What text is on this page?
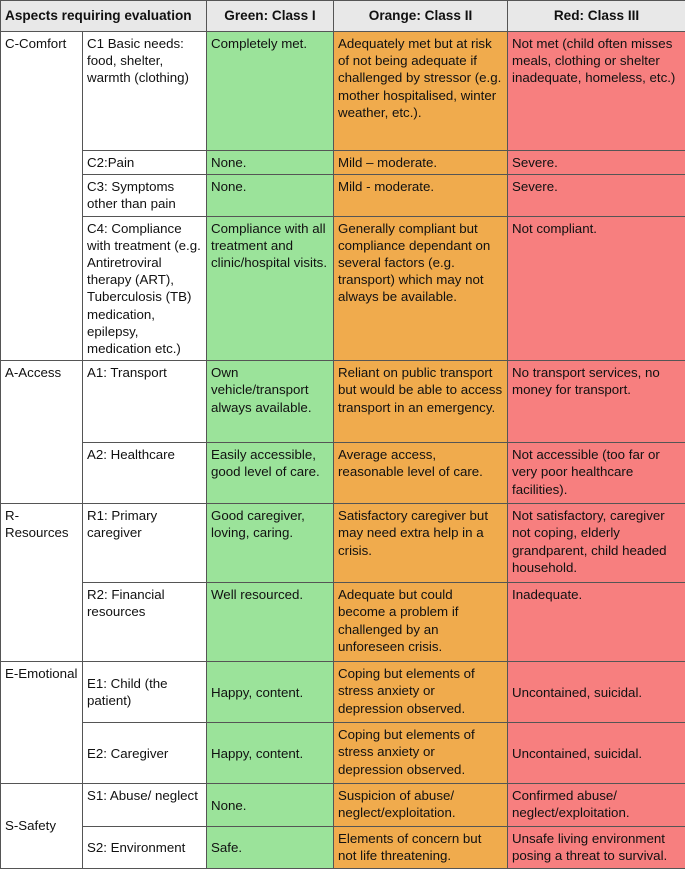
Aspects requiring evaluation		Green: Class I	Orange: Class II	Red: Class III
C-Comfort	C1 Basic needs: food, shelter, warmth (clothing)	Completely met.	Adequately met but at risk of not being adequate if challenged by stressor (e.g. mother hospitalised, winter weather, etc.).	Not met (child often misses meals, clothing or shelter inadequate, homeless, etc.)
	C2:Pain	None.	Mild – moderate.	Severe.
	C3: Symptoms other than pain	None.	Mild - moderate.	Severe.
	C4: Compliance with treatment (e.g. Antiretroviral therapy (ART), Tuberculosis (TB) medication, epilepsy, medication etc.)	Compliance with all treatment and clinic/hospital visits.	Generally compliant but compliance dependant on several factors (e.g. transport) which may not always be available.	Not compliant.
A-Access	A1: Transport	Own vehicle/transport always available.	Reliant on public transport but would be able to access transport in an emergency.	No transport services, no money for transport.
	A2: Healthcare	Easily accessible, good level of care.	Average access, reasonable level of care.	Not accessible (too far or very poor healthcare facilities).
R-Resources	R1: Primary caregiver	Good caregiver, loving, caring.	Satisfactory caregiver but may need extra help in a crisis.	Not satisfactory, caregiver not coping, elderly grandparent, child headed household.
	R2: Financial resources	Well resourced.	Adequate but could become a problem if challenged by an unforeseen crisis.	Inadequate.
E-Emotional	E1: Child (the patient)	Happy, content.	Coping but elements of stress anxiety or depression observed.	Uncontained, suicidal.
	E2: Caregiver	Happy, content.	Coping but elements of stress anxiety or depression observed.	Uncontained, suicidal.
S-Safety	S1: Abuse/ neglect	None.	Suspicion of abuse/ neglect/exploitation.	Confirmed abuse/ neglect/exploitation.
	S2: Environment	Safe.	Elements of concern but not life threatening.	Unsafe living environment posing a threat to survival.
